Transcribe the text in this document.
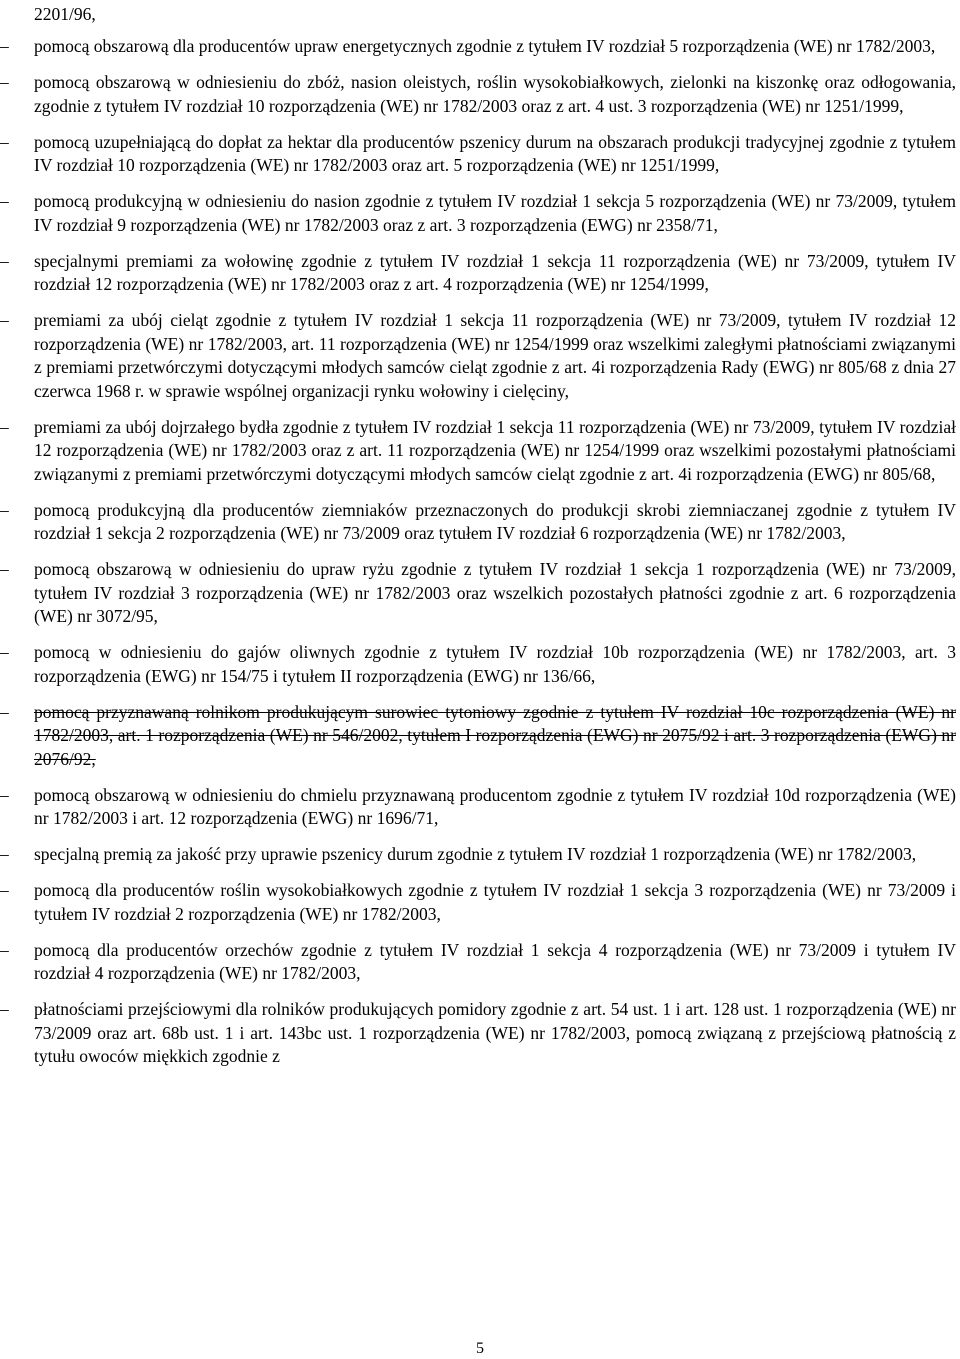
2201/96,
–	pomocą obszarową dla producentów upraw energetycznych zgodnie z tytułem IV rozdział 5 rozporządzenia (WE) nr 1782/2003,
–	pomocą obszarową w odniesieniu do zbóż, nasion oleistych, roślin wysokobiałkowych, zielonki na kiszonkę oraz odłogowania, zgodnie z tytułem IV rozdział 10 rozporządzenia (WE) nr 1782/2003 oraz z art. 4 ust. 3 rozporządzenia (WE) nr 1251/1999,
–	pomocą uzupełniającą do dopłat za hektar dla producentów pszenicy durum na obszarach produkcji tradycyjnej zgodnie z tytułem IV rozdział 10 rozporządzenia (WE) nr 1782/2003 oraz art. 5 rozporządzenia (WE) nr 1251/1999,
–	pomocą produkcyjną w odniesieniu do nasion zgodnie z tytułem IV rozdział 1 sekcja 5 rozporządzenia (WE) nr 73/2009, tytułem IV rozdział 9 rozporządzenia (WE) nr 1782/2003 oraz z art. 3 rozporządzenia (EWG) nr 2358/71,
–	specjalnymi premiami za wołowinę zgodnie z tytułem IV rozdział 1 sekcja 11 rozporządzenia (WE) nr 73/2009, tytułem IV rozdział 12 rozporządzenia (WE) nr 1782/2003 oraz z art. 4 rozporządzenia (WE) nr 1254/1999,
–	premiami za ubój cieląt zgodnie z tytułem IV rozdział 1 sekcja 11 rozporządzenia (WE) nr 73/2009, tytułem IV rozdział 12 rozporządzenia (WE) nr 1782/2003, art. 11 rozporządzenia (WE) nr 1254/1999 oraz wszelkimi zaległymi płatnościami związanymi z premiami przetwórczymi dotyczącymi młodych samców cieląt zgodnie z art. 4i rozporządzenia Rady (EWG) nr 805/68 z dnia 27 czerwca 1968 r. w sprawie wspólnej organizacji rynku wołowiny i cielęciny,
–	premiami za ubój dojrzałego bydła zgodnie z tytułem IV rozdział 1 sekcja 11 rozporządzenia (WE) nr 73/2009, tytułem IV rozdział 12 rozporządzenia (WE) nr 1782/2003 oraz z art. 11 rozporządzenia (WE) nr 1254/1999 oraz wszelkimi pozostałymi płatnościami związanymi z premiami przetwórczymi dotyczącymi młodych samców cieląt zgodnie z art. 4i rozporządzenia (EWG) nr 805/68,
–	pomocą produkcyjną dla producentów ziemniaków przeznaczonych do produkcji skrobi ziemniaczanej zgodnie z tytułem IV rozdział 1 sekcja 2 rozporządzenia (WE) nr 73/2009 oraz tytułem IV rozdział 6 rozporządzenia (WE) nr 1782/2003,
–	pomocą obszarową w odniesieniu do upraw ryżu zgodnie z tytułem IV rozdział 1 sekcja 1 rozporządzenia (WE) nr 73/2009, tytułem IV rozdział 3 rozporządzenia (WE) nr 1782/2003 oraz wszelkich pozostałych płatności zgodnie z art. 6 rozporządzenia (WE) nr 3072/95,
–	pomocą w odniesieniu do gajów oliwnych zgodnie z tytułem IV rozdział 10b rozporządzenia (WE) nr 1782/2003, art. 3 rozporządzenia (EWG) nr 154/75 i tytułem II rozporządzenia (EWG) nr 136/66,
–	pomocą przyznawaną rolnikom produkującym surowiec tytoniowy zgodnie z tytułem IV rozdział 10c rozporządzenia (WE) nr 1782/2003, art. 1 rozporządzenia (WE) nr 546/2002, tytułem I rozporządzenia (EWG) nr 2075/92 i art. 3 rozporządzenia (EWG) nr 2076/92,
–	pomocą obszarową w odniesieniu do chmielu przyznawaną producentom zgodnie z tytułem IV rozdział 10d rozporządzenia (WE) nr 1782/2003 i art. 12 rozporządzenia (EWG) nr 1696/71,
–	specjalną premią za jakość przy uprawie pszenicy durum zgodnie z tytułem IV rozdział 1 rozporządzenia (WE) nr 1782/2003,
–	pomocą dla producentów roślin wysokobiałkowych zgodnie z tytułem IV rozdział 1 sekcja 3 rozporządzenia (WE) nr 73/2009 i tytułem IV rozdział 2 rozporządzenia (WE) nr 1782/2003,
–	pomocą dla producentów orzechów zgodnie z tytułem IV rozdział 1 sekcja 4 rozporządzenia (WE) nr 73/2009 i tytułem IV rozdział 4 rozporządzenia (WE) nr 1782/2003,
–	płatnościami przejściowymi dla rolników produkujących pomidory zgodnie z art. 54 ust. 1 i art. 128 ust. 1 rozporządzenia (WE) nr 73/2009 oraz art. 68b ust. 1 i art. 143bc ust. 1 rozporządzenia (WE) nr 1782/2003, pomocą związaną z przejściową płatnością z tytułu owoców miękkich zgodnie z
5
